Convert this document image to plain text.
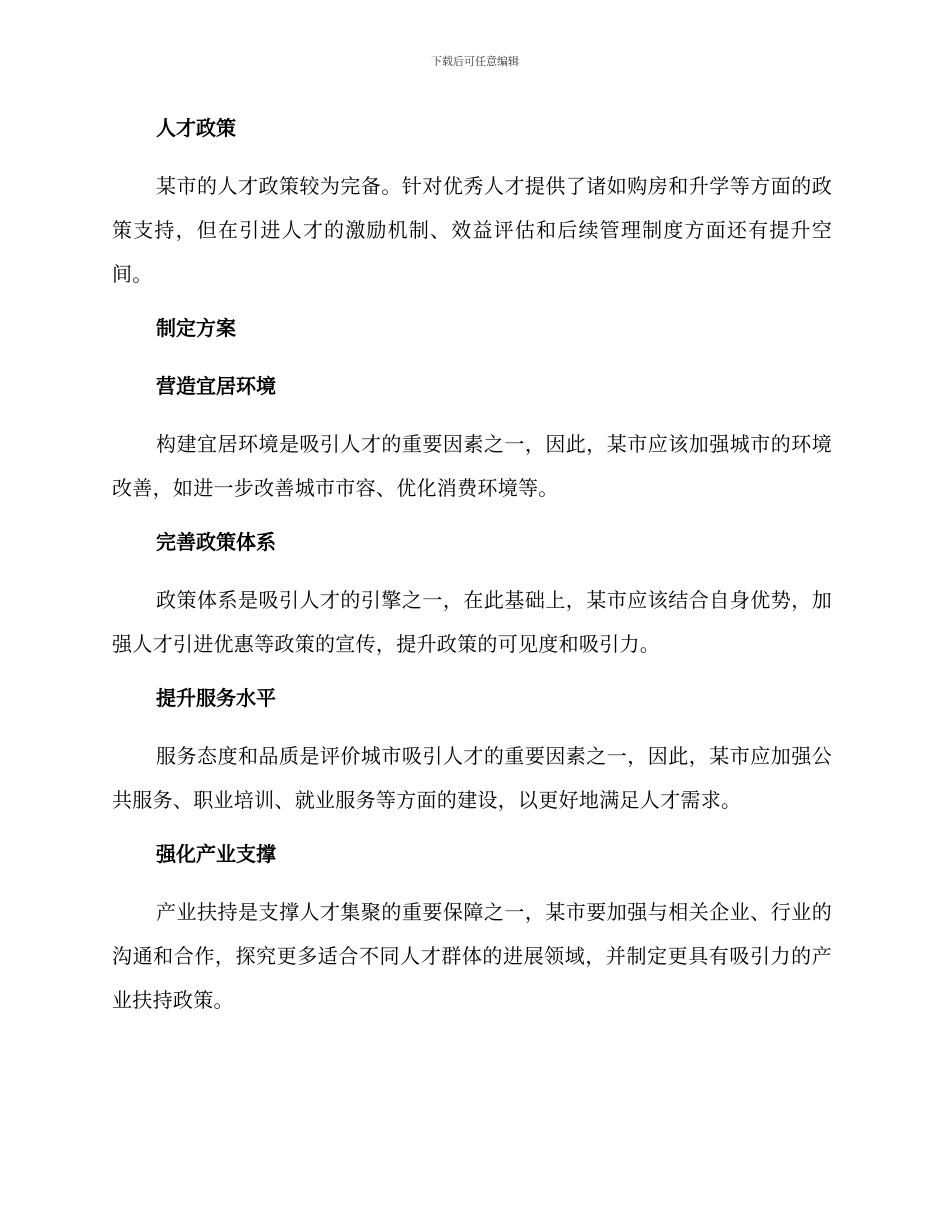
下载后可任意编辑
人才政策
某市的人才政策较为完备。针对优秀人才提供了诸如购房和升学等方面的政策支持，但在引进人才的激励机制、效益评估和后续管理制度方面还有提升空间。
制定方案
营造宜居环境
构建宜居环境是吸引人才的重要因素之一，因此，某市应该加强城市的环境改善，如进一步改善城市市容、优化消费环境等。
完善政策体系
政策体系是吸引人才的引擎之一，在此基础上，某市应该结合自身优势，加强人才引进优惠等政策的宣传，提升政策的可见度和吸引力。
提升服务水平
服务态度和品质是评价城市吸引人才的重要因素之一，因此，某市应加强公共服务、职业培训、就业服务等方面的建设，以更好地满足人才需求。
强化产业支撑
产业扶持是支撑人才集聚的重要保障之一，某市要加强与相关企业、行业的沟通和合作，探究更多适合不同人才群体的进展领域，并制定更具有吸引力的产业扶持政策。
